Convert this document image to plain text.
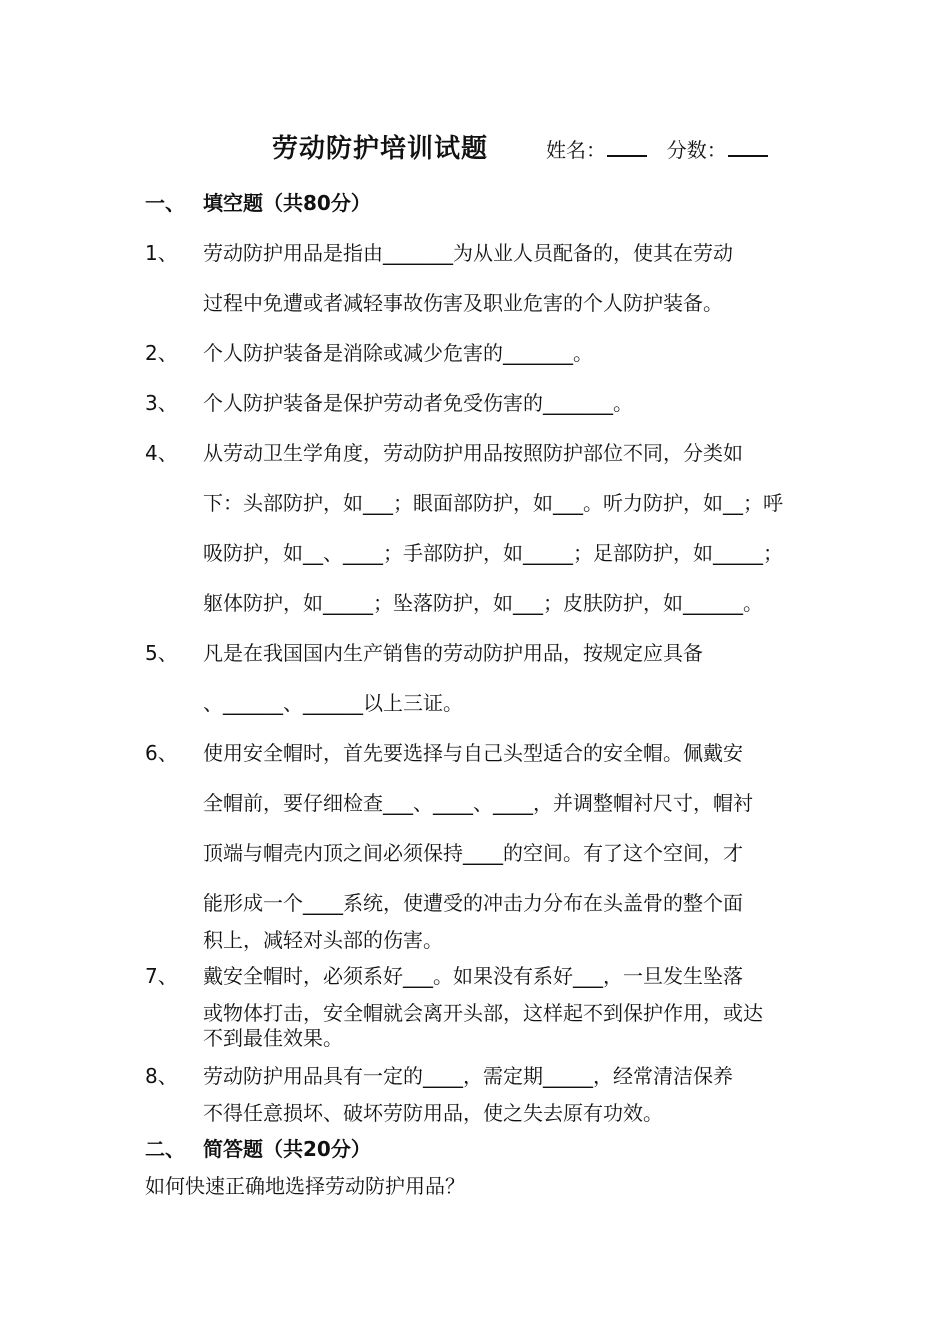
劳动防护培训试题	姓名：	分数：
一、 填空题（共80分）
1、 劳动防护用品是指由_______为从业人员配备的，使其在劳动
过程中免遭或者减轻事故伤害及职业危害的个人防护装备。
2、 个人防护装备是消除或减少危害的_______。
3、 个人防护装备是保护劳动者免受伤害的_______。
4、 从劳动卫生学角度，劳动防护用品按照防护部位不同，分类如
下：头部防护，如___；眼面部防护，如___。听力防护，如__；呼
吸防护，如__、____；手部防护，如_____；足部防护，如_____；
躯体防护，如_____；坠落防护，如___；皮肤防护，如______。
5、 凡是在我国国内生产销售的劳动防护用品，按规定应具备
、______、______以上三证。
6、 使用安全帽时，首先要选择与自己头型适合的安全帽。佩戴安
全帽前，要仔细检查___、____、____，并调整帽衬尺寸，帽衬
顶端与帽壳内顶之间必须保持____的空间。有了这个空间，才
能形成一个____系统，使遭受的冲击力分布在头盖骨的整个面
积上，减轻对头部的伤害。
7、 戴安全帽时，必须系好___。如果没有系好___，一旦发生坠落
或物体打击，安全帽就会离开头部，这样起不到保护作用，或达
不到最佳效果。
8、 劳动防护用品具有一定的____，需定期_____，经常清洁保养
不得任意损坏、破坏劳防用品，使之失去原有功效。
二、 简答题（共20分）
如何快速正确地选择劳动防护用品？
